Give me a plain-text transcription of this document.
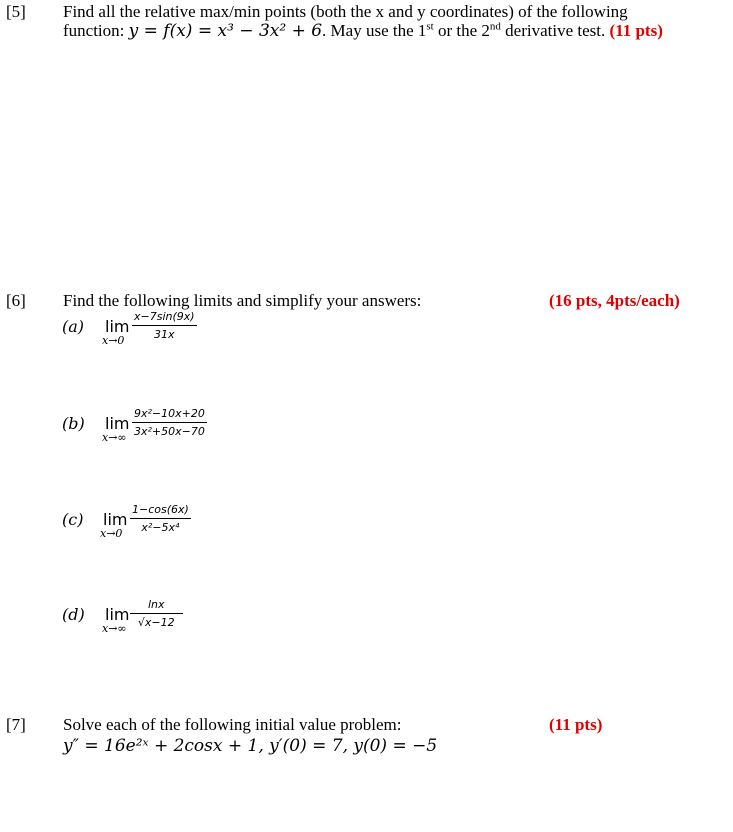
[5] Find all the relative max/min points (both the x and y coordinates) of the following
function: y = f(x) = x³ − 3x² + 6. May use the 1st or the 2nd derivative test. (11 pts)
[6] Find the following limits and simplify your answers:	(16 pts, 4pts/each)
(a) lim
$x\to 0 \frac{x-7\sin(9x)}{31x}$
(b) lim
$x\to\infty \frac{\text{9x²−10x+20}}{\text{3x²+50x−70}}$
(c) lim
$x\to 0 \frac{1-\cos(6x)}{\text{x²−5x⁴}}$
(d) lim
$x\to\infty \frac{\ln x}{√x-12}$
[7] Solve each of the following initial value problem:	(11 pts)
y″ = 16e²ˣ + 2cosx + 1, y′(0) = 7, y(0) = −5
